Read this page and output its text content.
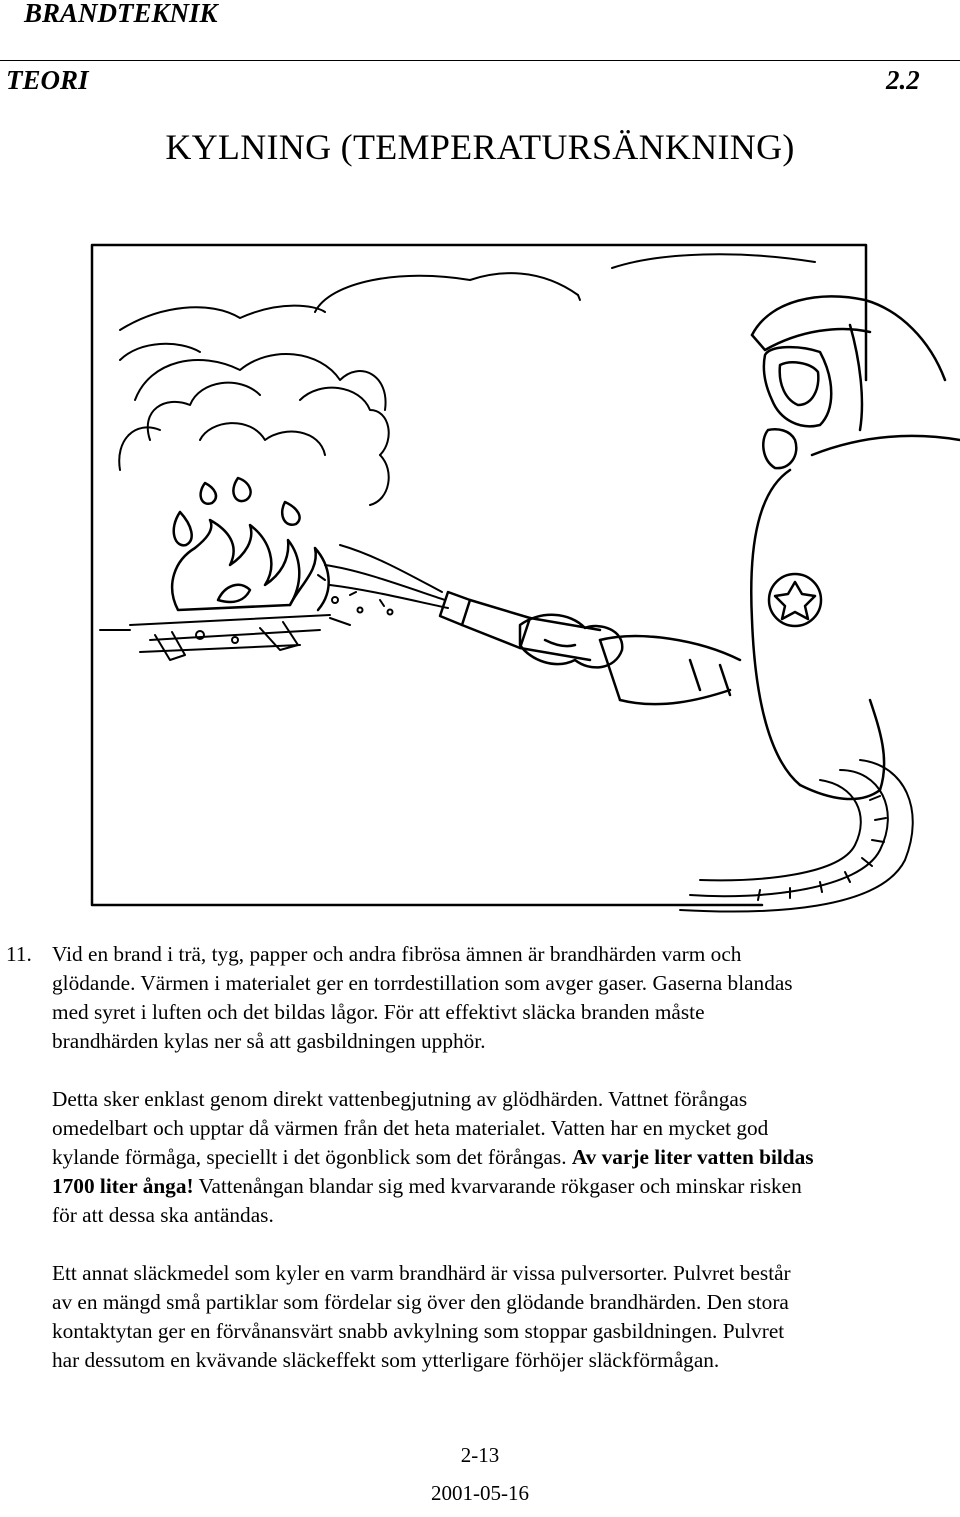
BRANDTEKNIK
TEORI	2.2
KYLNING (TEMPERATURSÄNKNING)
11. Vid en brand i trä, tyg, papper och andra fibrösa ämnen är brandhärden varm och
glödande. Värmen i materialet ger en torrdestillation som avger gaser. Gaserna blandas
med syret i luften och det bildas lågor. För att effektivt släcka branden måste
brandhärden kylas ner så att gasbildningen upphör.

Detta sker enklast genom direkt vattenbegjutning av glödhärden. Vattnet förångas
omedelbart och upptar då värmen från det heta materialet. Vatten har en mycket god
kylande förmåga, speciellt i det ögonblick som det förångas. Av varje liter vatten bildas
1700 liter ånga! Vattenångan blandar sig med kvarvarande rökgaser och minskar risken
för att dessa ska antändas.

Ett annat släckmedel som kyler en varm brandhärd är vissa pulversorter. Pulvret består
av en mängd små partiklar som fördelar sig över den glödande brandhärden. Den stora
kontaktytan ger en förvånansvärt snabb avkylning som stoppar gasbildningen. Pulvret
har dessutom en kvävande släckeffekt som ytterligare förhöjer släckförmågan.

2-13
2001-05-16
